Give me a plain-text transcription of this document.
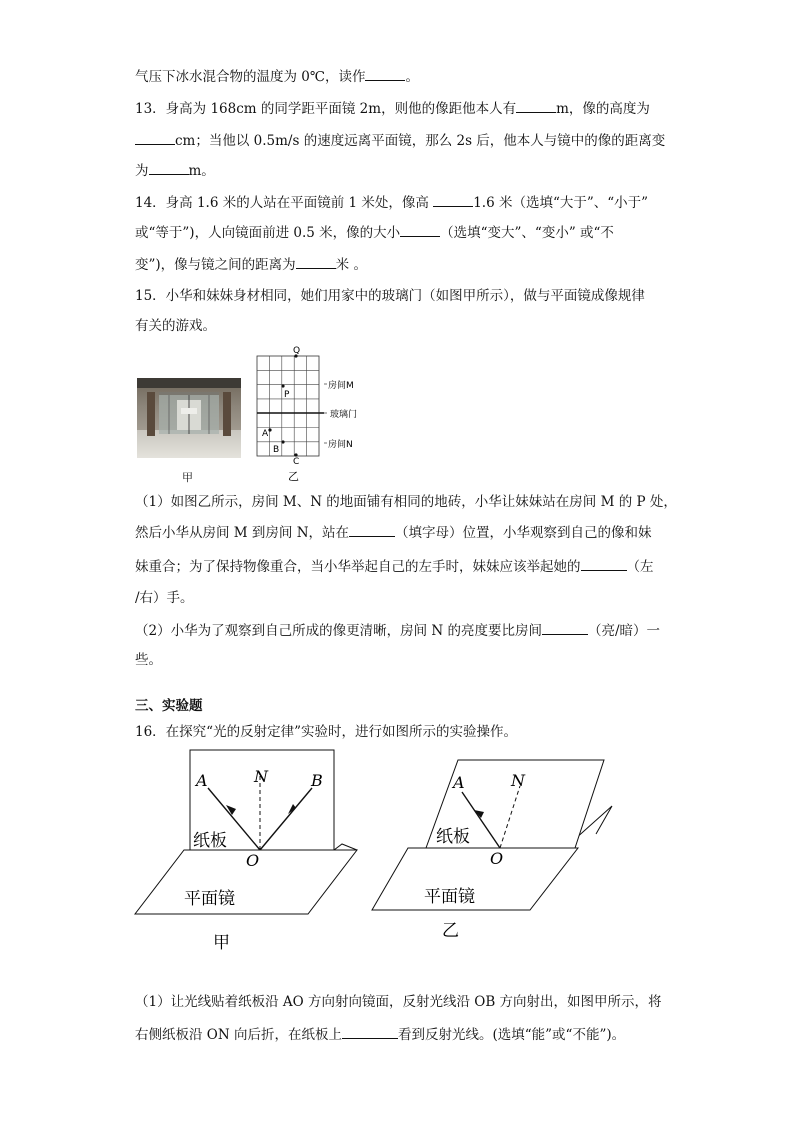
气压下冰水混合物的温度为 0℃，读作	。
13．身高为 168cm 的同学距平面镜 2m，则他的像距他本人有	m，像的高度为
cm；当他以 0.5m/s 的速度远离平面镜，那么 2s 后，他本人与镜中的像的距离变
为	m。
14．身高 1.6 米的人站在平面镜前 1 米处，像高	1.6 米（选填“大于”、“小于”
或“等于”)，人向镜面前进 0.5 米，像的大小	（选填“变大”、“变小” 或“不
变”)，像与镜之间的距离为	米 。
15．小华和妹妹身材相同，她们用家中的玻璃门（如图甲所示），做与平面镜成像规律
有关的游戏。
甲
Q
P
A
B
C
房间M
玻璃门
房间N
乙
（1）如图乙所示，房间 M、N 的地面铺有相同的地砖，小华让妹妹站在房间 M 的 P 处，
然后小华从房间 M 到房间 N，站在	（填字母）位置，小华观察到自己的像和妹
妹重合；为了保持物像重合，当小华举起自己的左手时，妹妹应该举起她的	（左
/右）手。
（2）小华为了观察到自己所成的像更清晰，房间 N 的亮度要比房间	（亮/暗）一
些。
三、实验题
16．在探究“光的反射定律”实验时，进行如图所示的实验操作。
A	N	B
O
纸板
平面镜
甲
A	N
O
纸板
平面镜
乙
（1）让光线贴着纸板沿 AO 方向射向镜面，反射光线沿 OB 方向射出，如图甲所示，将
右侧纸板沿 ON 向后折，在纸板上	看到反射光线。(选填“能”或“不能”)。
